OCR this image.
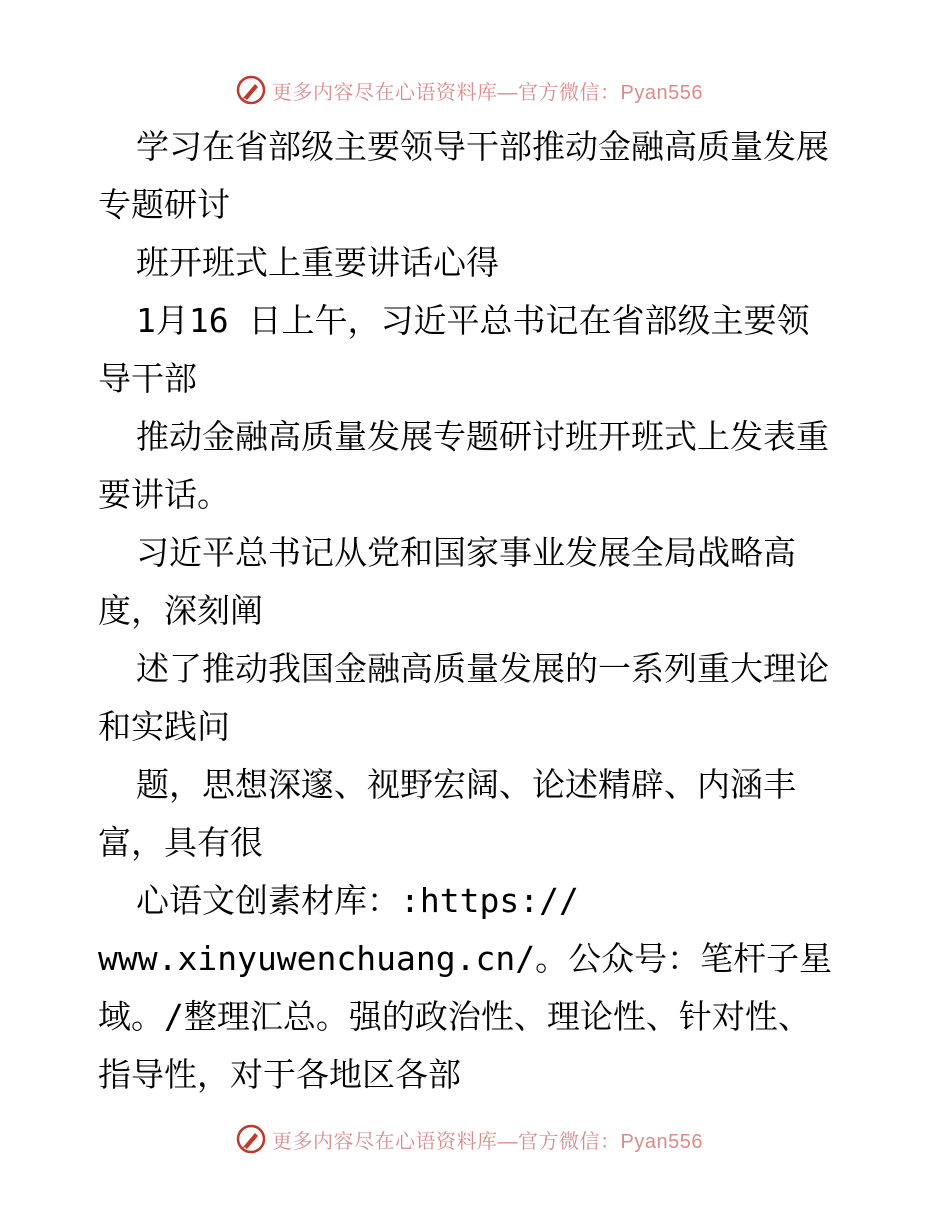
更多内容尽在心语资料库—官方微信：Pyan556
学习在省部级主要领导干部推动金融高质量发展
专题研讨
班开班式上重要讲话心得
1月16 日上午，习近平总书记在省部级主要领
导干部
推动金融高质量发展专题研讨班开班式上发表重
要讲话。
习近平总书记从党和国家事业发展全局战略高
度，深刻阐
述了推动我国金融高质量发展的一系列重大理论
和实践问
题，思想深邃、视野宏阔、论述精辟、内涵丰
富，具有很
心语文创素材库：:https://
www.xinyuwenchuang.cn/。公众号：笔杆子星
域。/整理汇总。强的政治性、理论性、针对性、
指导性，对于各地区各部
更多内容尽在心语资料库—官方微信：Pyan556
